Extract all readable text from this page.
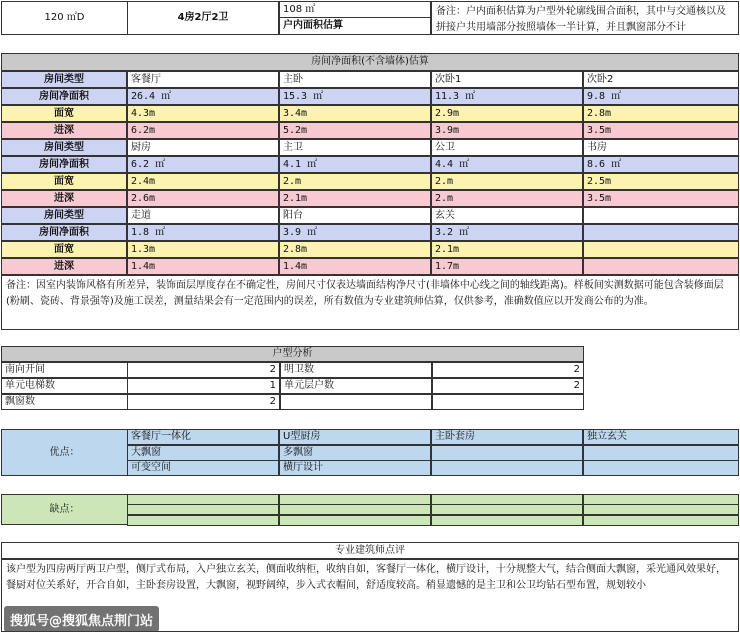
120 ㎡D	4房2厅2卫
108 ㎡
户内面积估算
备注：户内面积估算为户型外轮廓线围合面积，其中与交通核以及拼接户共用墙部分按照墙体一半计算，并且飘窗部分不计
房间净面积(不含墙体)估算
房间类型	客餐厅	主卧	次卧1	次卧2
房间净面积	26.4 ㎡	15.3 ㎡	11.3 ㎡	9.8 ㎡
面宽	4.3m	3.4m	2.9m	2.8m
进深	6.2m	5.2m	3.9m	3.5m
房间类型	厨房	主卫	公卫	书房
房间净面积	6.2 ㎡	4.1 ㎡	4.4 ㎡	8.6 ㎡
面宽	2.4m	2.m	2.m	2.5m
进深	2.6m	2.1m	2.m	3.5m
房间类型	走道	阳台	玄关
房间净面积	1.8 ㎡	3.9 ㎡	3.2 ㎡
面宽	1.3m	2.8m	2.1m
进深	1.4m	1.4m	1.7m
备注：因室内装饰风格有所差异，装饰面层厚度存在不确定性，房间尺寸仅表达墙面结构净尺寸(非墙体中心线之间的轴线距离)。样板间实测数据可能包含装修面层(粉刷、瓷砖、背景强等)及施工误差，测量结果会有一定范围内的误差，所有数值为专业建筑师估算，仅供参考，准确数值应以开发商公布的为准。
户型分析
南向开间	2 明卫数	2
单元电梯数	1 单元层户数	2
飘窗数	2
优点：
客餐厅一体化	U型厨房	主卧套房	独立玄关
大飘窗	多飘窗
可变空间	横厅设计
缺点：
专业建筑师点评
该户型为四房两厅两卫户型，侧厅式布局，入户独立玄关，侧面收纳柜，收纳自如，客餐厅一体化，横厅设计，十分规整大气，结合侧面大飘窗，采光通风效果好，餐厨对位关系好，开合自如，主卧套房设置，大飘窗，视野阔绰，步入式衣帽间，舒适度较高。稍显遗憾的是主卫和公卫均钻石型布置，规划较小
搜狐号@搜狐焦点荆门站
